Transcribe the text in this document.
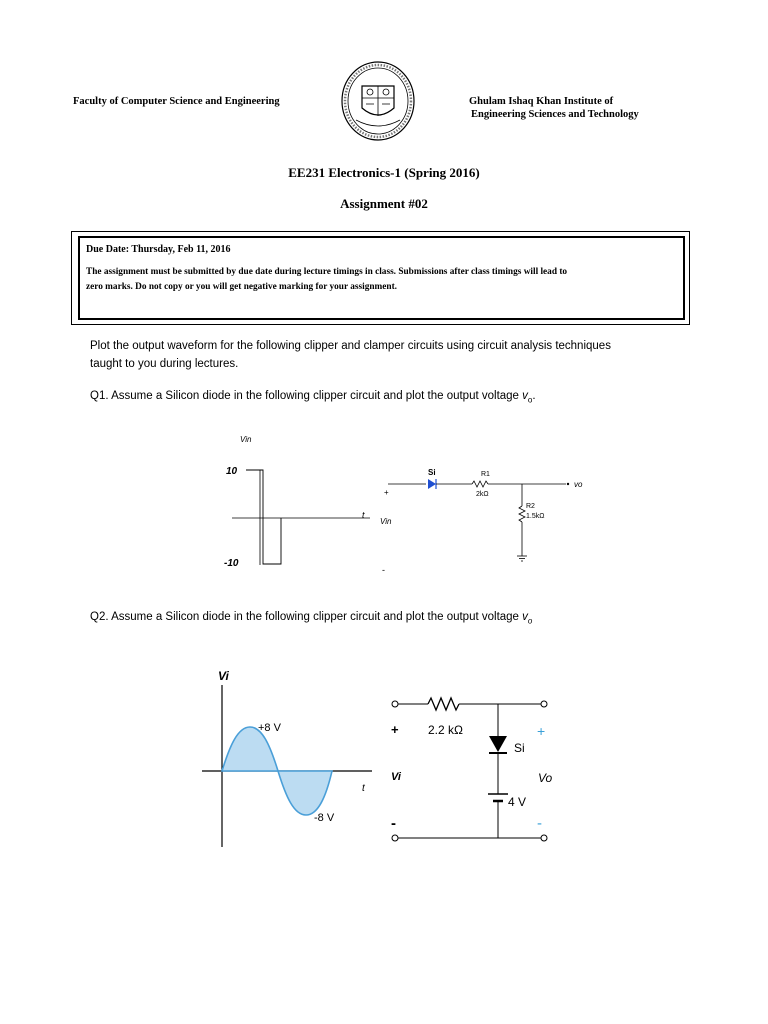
Faculty of Computer Science and Engineering	Ghulam Ishaq Khan Institute of
Engineering Sciences and Technology
EE231 Electronics-1 (Spring 2016)
Assignment #02
Due Date: Thursday, Feb 11, 2016
The assignment must be submitted by due date during lecture timings in class. Submissions after class timings will lead to
zero marks. Do not copy or you will get negative marking for your assignment.
Plot the output waveform for the following clipper and clamper circuits using circuit analysis techniques
taught to you during lectures.
Q1. Assume a Silicon diode in the following clipper circuit and plot the output voltage $v_o$.
Vin
t
10
-10
+
Vin
-
Si	R1
2kΩ
vo
R2
1.5kΩ
Q2. Assume a Silicon diode in the following clipper circuit and plot the output voltage $v_o$
Vi
t
+8 V
-8 V
2.2 kΩ
+	+
Si
4 V
Vi	Vo
-	-
